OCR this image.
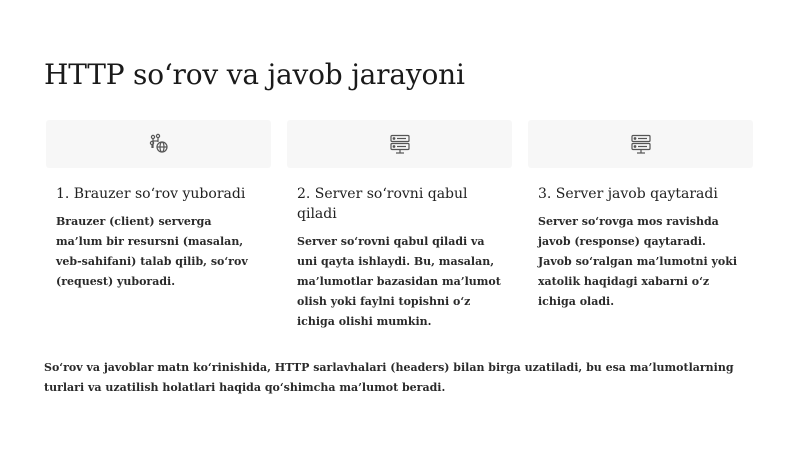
HTTP so‘rov va javob jarayoni
1. Brauzer so‘rov yuboradi

Brauzer (client) serverga ma’lum bir resursni (masalan, veb-sahifani) talab qilib, so‘rov (request) yuboradi.

2. Server so‘rovni qabul qiladi

Server so‘rovni qabul qiladi va uni qayta ishlaydi. Bu, masalan, ma’lumotlar bazasidan ma’lumot olish yoki faylni topishni o‘z ichiga olishi mumkin.

3. Server javob qaytaradi

Server so‘rovga mos ravishda javob (response) qaytaradi. Javob so‘ralgan ma’lumotni yoki xatolik haqidagi xabarni o‘z ichiga oladi.

So‘rov va javoblar matn ko‘rinishida, HTTP sarlavhalari (headers) bilan birga uzatiladi, bu esa ma’lumotlarning turlari va uzatilish holatlari haqida qo‘shimcha ma’lumot beradi.
